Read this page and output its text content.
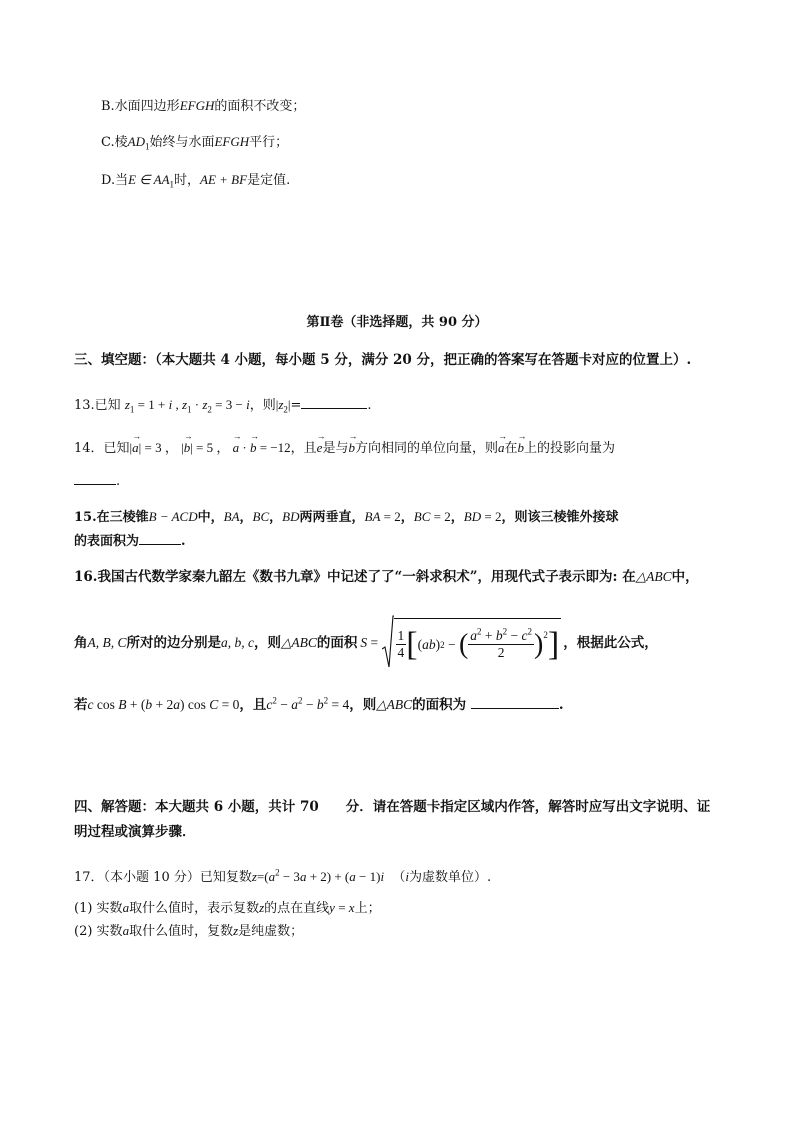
B.水面四边形EFGH的面积不改变；
C.棱$AD_1$始终与水面EFGH平行；
D.当E ∈ $AA_1$时，AE + BF是定值.
第Ⅱ卷（非选择题，共 90 分）
三、填空题：（本大题共 4 小题，每小题 5 分，满分 20 分，把正确的答案写在答题卡对应的位置上）.
13.已知 $z_1 = 1 + i$ , $z_1 \cdot z_2 = 3 - i$，则$|z_2|=$	.
14．已知|→ a| = 3 ， |→ b| = 5 ， → a · → b = −12，且→ e是与→ b方向相同的单位向量，则→ a在→ b上的投影向量为
.
15.在三棱锥B − ACD中，BA，BC，BD两两垂直，BA = 2，BC = 2，BD = 2，则该三棱锥外接球
的表面积为	.
16.我国古代数学家秦九韶左《数书九章》中记述了了“一斜求积术”，用现代式子表示即为: 在△ABC中，
角 A, B, C 所对的边分别是 a, b, c ，则 △ABC 的面积 $S = \frac{1}{4}$ [ ( ab ) 2 − ( $\frac{a^2 + b^2 - c^2}{2} )^2$ ] ，根据此公式，
若c cos B + (b + 2a) cos C = 0，且$c^2 - a^2 - b^2 = 4$，则△ABC的面积为	.
四、解答题：本大题共 6 小题，共计 70　　分．请在答题卡指定区域内作答，解答时应写出文字说明、证
明过程或演算步骤．
17．（本小题 10 分）已知复数$z=(a^2 - 3a + 2) + (a - 1)i$ （i为虚数单位）.
(1) 实数a取什么值时，表示复数z的点在直线y = x上；
(2) 实数a取什么值时，复数z是纯虚数；
